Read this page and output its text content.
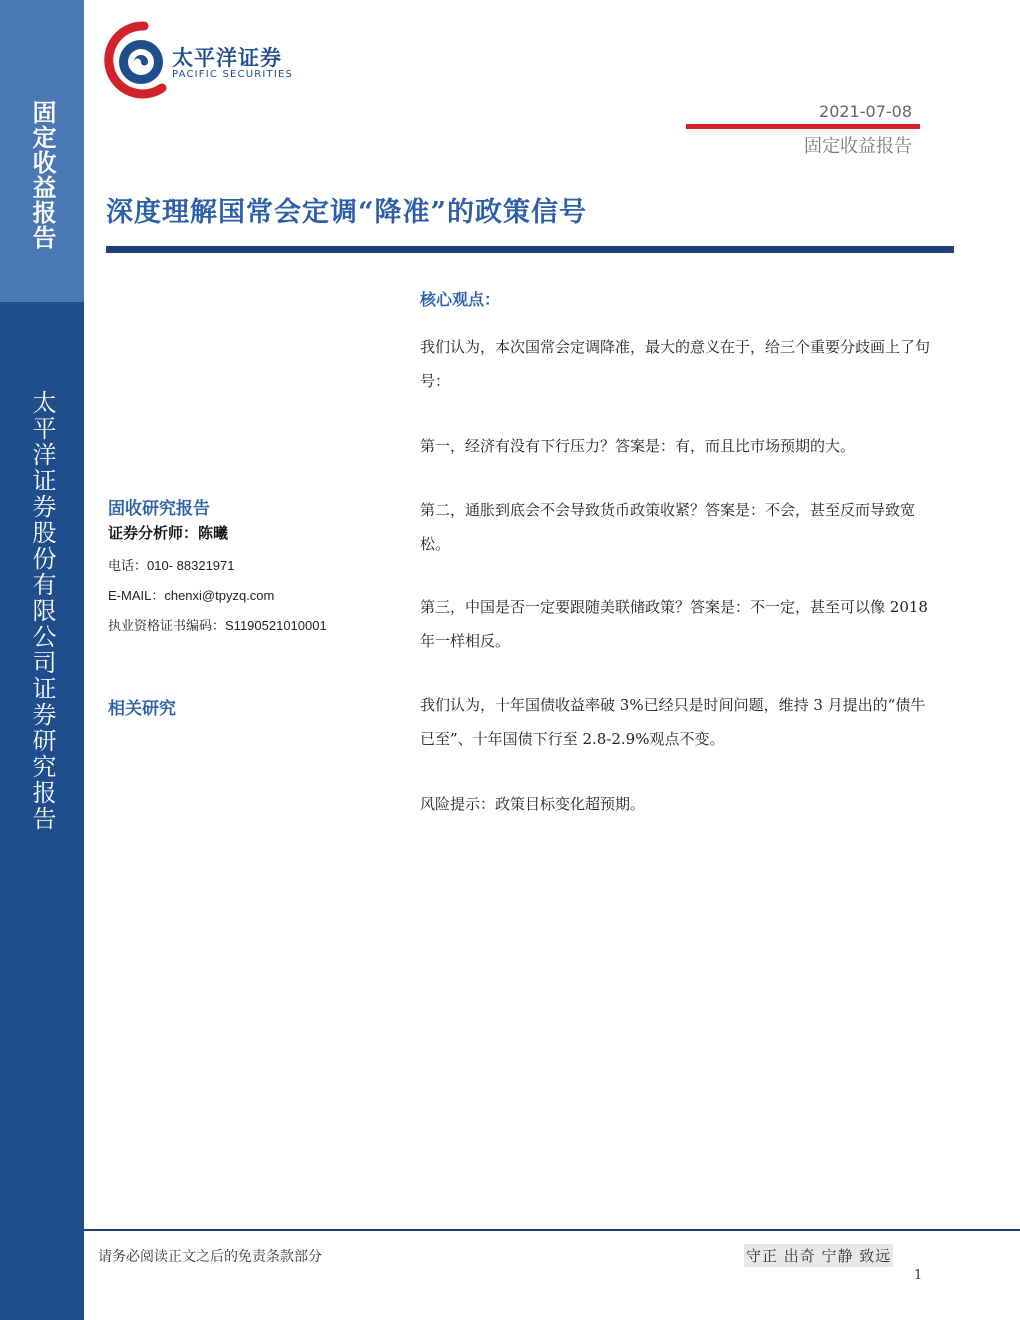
固定收益报告
太平洋证券股份有限公司证券研究报告
太平洋证券
PACIFIC SECURITIES
2021-07-08
固定收益报告
深度理解国常会定调“降准”的政策信号
核心观点：
我们认为，本次国常会定调降准，最大的意义在于，给三个重要分歧画上了句号：
第一，经济有没有下行压力？答案是：有，而且比市场预期的大。
第二，通胀到底会不会导致货币政策收紧？答案是：不会，甚至反而导致宽松。
第三，中国是否一定要跟随美联储政策？答案是：不一定，甚至可以像 2018 年一样相反。
我们认为，十年国债收益率破 3%已经只是时间问题，维持 3 月提出的“债牛已至”、十年国债下行至 2.8-2.9%观点不变。
风险提示：政策目标变化超预期。
固收研究报告
证券分析师：陈曦
电话：010- 88321971
E-MAIL：chenxi@tpyzq.com
执业资格证书编码：S1190521010001
相关研究
请务必阅读正文之后的免责条款部分	守正 出奇 宁静 致远
1
